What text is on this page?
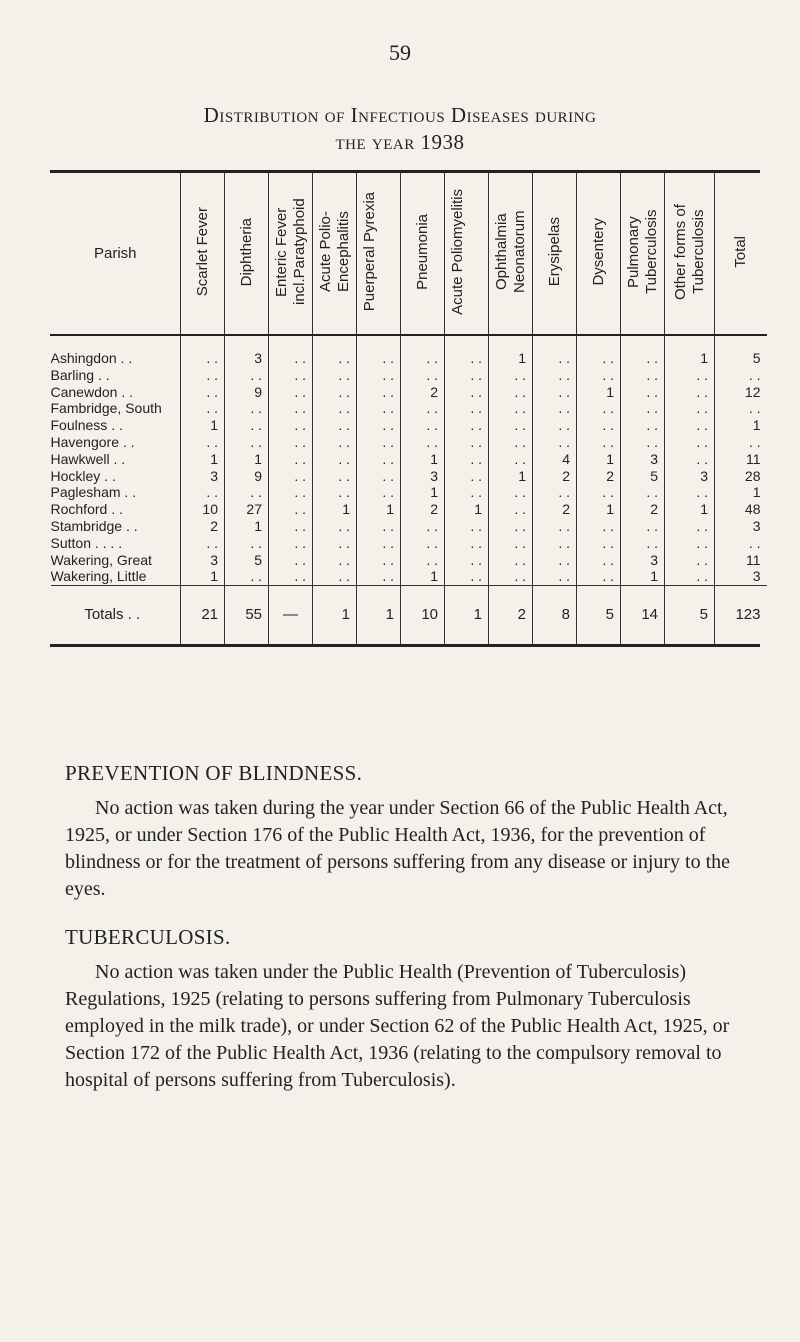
59
Distribution of Infectious Diseases during
the year 1938
Parish	Scarlet Fever	Diphtheria	Enteric Fever incl.Paratyphoid	Acute Polio-Encephalitis	Puerperal Pyrexia	Pneumonia	Acute Poliomyelitis	Ophthalmia Neonatorum	Erysipelas	Dysentery	Pulmonary Tuberculosis	Other forms of Tuberculosis	Total

Ashingdon . .	. .	3	. .	. .	. .	. .	. .	1	. .	. .	. .	1	5
Barling . .	. .	. .	. .	. .	. .	. .	. .	. .	. .	. .	. .	. .	. .
Canewdon . .	. .	9	. .	. .	. .	2	. .	. .	. .	1	. .	. .	12
Fambridge, South	. .	. .	. .	. .	. .	. .	. .	. .	. .	. .	. .	. .	. .
Foulness . .	1	. .	. .	. .	. .	. .	. .	. .	. .	. .	. .	. .	1
Havengore . .	. .	. .	. .	. .	. .	. .	. .	. .	. .	. .	. .	. .	. .
Hawkwell . .	1	1	. .	. .	. .	1	. .	. .	4	1	3	. .	11
Hockley . .	3	9	. .	. .	. .	3	. .	1	2	2	5	3	28
Paglesham . .	. .	. .	. .	. .	. .	1	. .	. .	. .	. .	. .	. .	1
Rochford . .	10	27	. .	1	1	2	1	. .	2	1	2	1	48
Stambridge . .	2	1	. .	. .	. .	. .	. .	. .	. .	. .	. .	. .	3
Sutton . . . .	. .	. .	. .	. .	. .	. .	. .	. .	. .	. .	. .	. .	. .
Wakering, Great	3	5	. .	. .	. .	. .	. .	. .	. .	. .	3	. .	11
Wakering, Little	1	. .	. .	. .	. .	1	. .	. .	. .	. .	1	. .	3
Totals . .	21	55	—	1	1	10	1	2	8	5	14	5	123
PREVENTION OF BLINDNESS.

No action was taken during the year under Section 66 of the Public Health Act, 1925, or under Section 176 of the Public Health Act, 1936, for the prevention of blindness or for the treatment of persons suffering from any disease or injury to the eyes.

TUBERCULOSIS.

No action was taken under the Public Health (Prevention of Tuberculosis) Regulations, 1925 (relating to persons suffering from Pulmonary Tuberculosis employed in the milk trade), or under Section 62 of the Public Health Act, 1925, or Section 172 of the Public Health Act, 1936 (relating to the compulsory removal to hospital of persons suffering from Tuberculosis).
